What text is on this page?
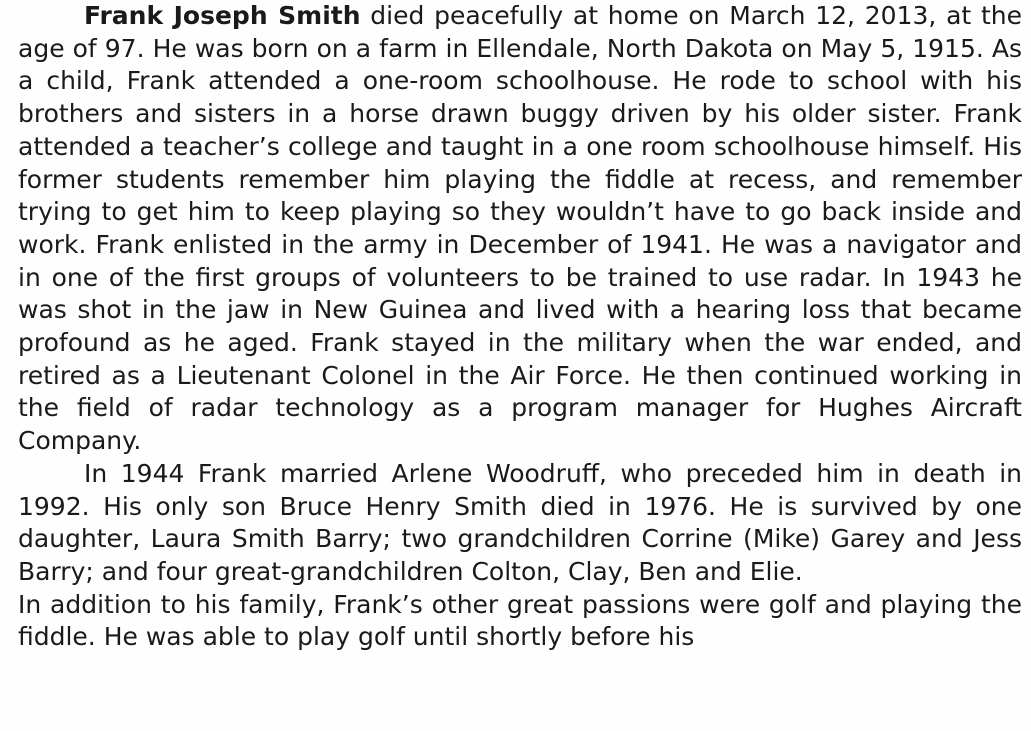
Frank Joseph Smith died peacefully at home on March 12, 2013, at the age of 97. He was born on a farm in Ellendale, North Dakota on May 5, 1915. As a child, Frank attended a one-room schoolhouse. He rode to school with his brothers and sisters in a horse drawn buggy driven by his older sister. Frank attended a teacher’s college and taught in a one room schoolhouse himself. His former students remember him playing the fiddle at recess, and remember trying to get him to keep playing so they wouldn’t have to go back inside and work. Frank enlisted in the army in December of 1941. He was a navigator and in one of the first groups of volunteers to be trained to use radar. In 1943 he was shot in the jaw in New Guinea and lived with a hearing loss that became profound as he aged. Frank stayed in the military when the war ended, and retired as a Lieutenant Colonel in the Air Force. He then continued working in the field of radar technology as a program manager for Hughes Aircraft Company.

In 1944 Frank married Arlene Woodruff, who preceded him in death in 1992. His only son Bruce Henry Smith died in 1976. He is survived by one daughter, Laura Smith Barry; two grandchildren Corrine (Mike) Garey and Jess Barry; and four great-grandchildren Colton, Clay, Ben and Elie.

In addition to his family, Frank’s other great passions were golf and playing the fiddle. He was able to play golf until shortly before his
